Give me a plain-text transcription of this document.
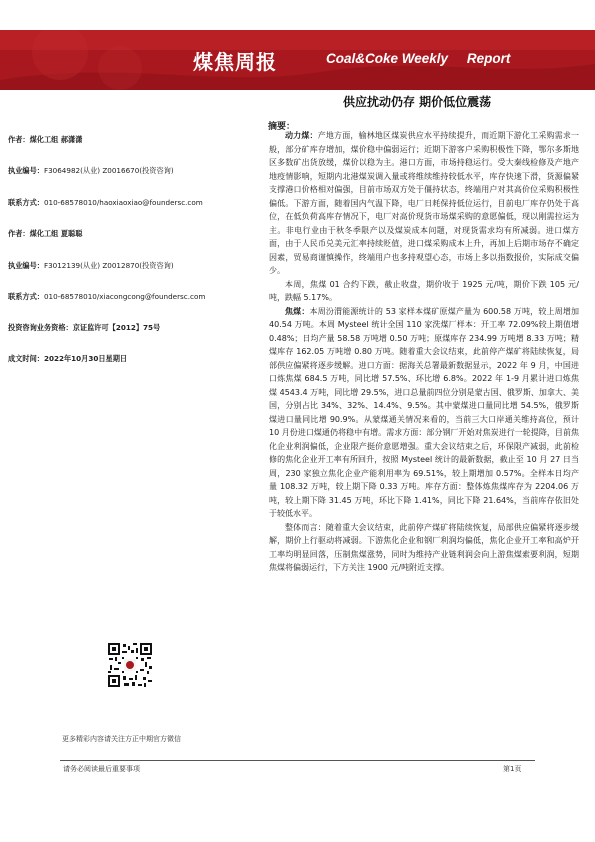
煤焦周报	Coal&Coke Weekly Report
供应扰动仍存 期价低位震荡
作者：煤化工组 郝潇潇
执业编号：F3064982(从业) Z0016670(投资咨询)
联系方式：010-68578010/haoxiaoxiao@foundersc.com
作者：煤化工组 夏聪聪
执业编号：F3012139(从业) Z0012870(投资咨询)
联系方式：010-68578010/xiacongcong@foundersc.com
投资咨询业务资格：京证监许可【2012】75号
成文时间：2022年10月30日星期日
更多精彩内容请关注方正中期官方微信
摘要：

动力煤：产地方面，榆林地区煤炭供应水平持续提升，而近期下游化工采购需求一般，部分矿库存增加，煤价稳中偏弱运行；近期下游客户采购积极性下降，鄂尔多斯地区多数矿出货放缓，煤价以稳为主。港口方面，市场持稳运行。受大秦线检修及产地产地疫情影响，短期内北港煤炭调入量或将维续维持较低水平，库存快速下滑，货源偏紧支撑港口价格相对偏强，目前市场双方处于僵持状态，终端用户对其高价位采购积极性偏低。下游方面，随着国内气温下降，电厂日耗保持低位运行，目前电厂库存仍处于高位，在低负荷高库存情况下，电厂对高价现货市场煤采购的意愿偏低，现以刚需拉运为主。非电行业由于秋冬季限产以及煤炭成本问题，对现货需求均有所减弱。进口煤方面，由于人民币兑美元汇率持续贬值，进口煤采购成本上升，再加上后期市场存不确定因素，贸易商谨慎操作，终端用户也多持观望心态，市场上多以指数报价，实际成交偏少。

本周，焦煤 01 合约下跌，截止收盘，期价收于 1925 元/吨，期价下跌 105 元/吨，跌幅 5.17%。

焦煤：本周汾渭能源统计的 53 家样本煤矿原煤产量为 600.58 万吨，较上周增加 40.54 万吨。本周 Mysteel 统计全国 110 家洗煤厂样本：开工率 72.09%较上期值增 0.48%；日均产量 58.58 万吨增 0.50 万吨；原煤库存 234.99 万吨增 8.33 万吨；精煤库存 162.05 万吨增 0.80 万吨。随着重大会议结束，此前停产煤矿将陆续恢复，局部供应偏紧将逐步缓解。进口方面：据海关总署最新数据显示，2022 年 9 月，中国进口炼焦煤 684.5 万吨，同比增 57.5%、环比增 6.8%。2022 年 1-9 月累计进口炼焦煤 4543.4 万吨，同比增 29.5%，进口总量前四位分别是蒙古国、俄罗斯、加拿大、美国，分别占比 34%、32%、14.4%、9.5%。其中蒙煤进口量同比增 54.5%，俄罗斯煤进口量同比增 90.9%。从蒙煤通关情况来看的，当前三大口岸通关维持高位，预计 10 月份进口煤通仍将稳中有增。需求方面：部分钢厂开始对焦炭进行一轮提降，目前焦化企业利润偏低，企业限产挺价意愿增强。重大会议结束之后，环保限产减弱，此前检修的焦化企业开工率有所回升，按照 Mysteel 统计的最新数据，截止至 10 月 27 日当周，230 家独立焦化企业产能利用率为 69.51%，较上期增加 0.57%。全样本日均产量 108.32 万吨，较上期下降 0.33 万吨。库存方面：整体炼焦煤库存为 2204.06 万吨，较上期下降 31.45 万吨，环比下降 1.41%，同比下降 21.64%，当前库存依旧处于较低水平。

整体而言：随着重大会议结束，此前停产煤矿将陆续恢复，局部供应偏紧将逐步缓解，期价上行驱动将减弱。下游焦化企业和钢厂利润均偏低，焦化企业开工率和高炉开工率均明显回落，压制焦煤涨势，同时为维持产业链利润会向上游焦煤索要利润，短期焦煤将偏弱运行，下方关注 1900 元/吨附近支撑。

请务必阅读最后重要事项	第1页
